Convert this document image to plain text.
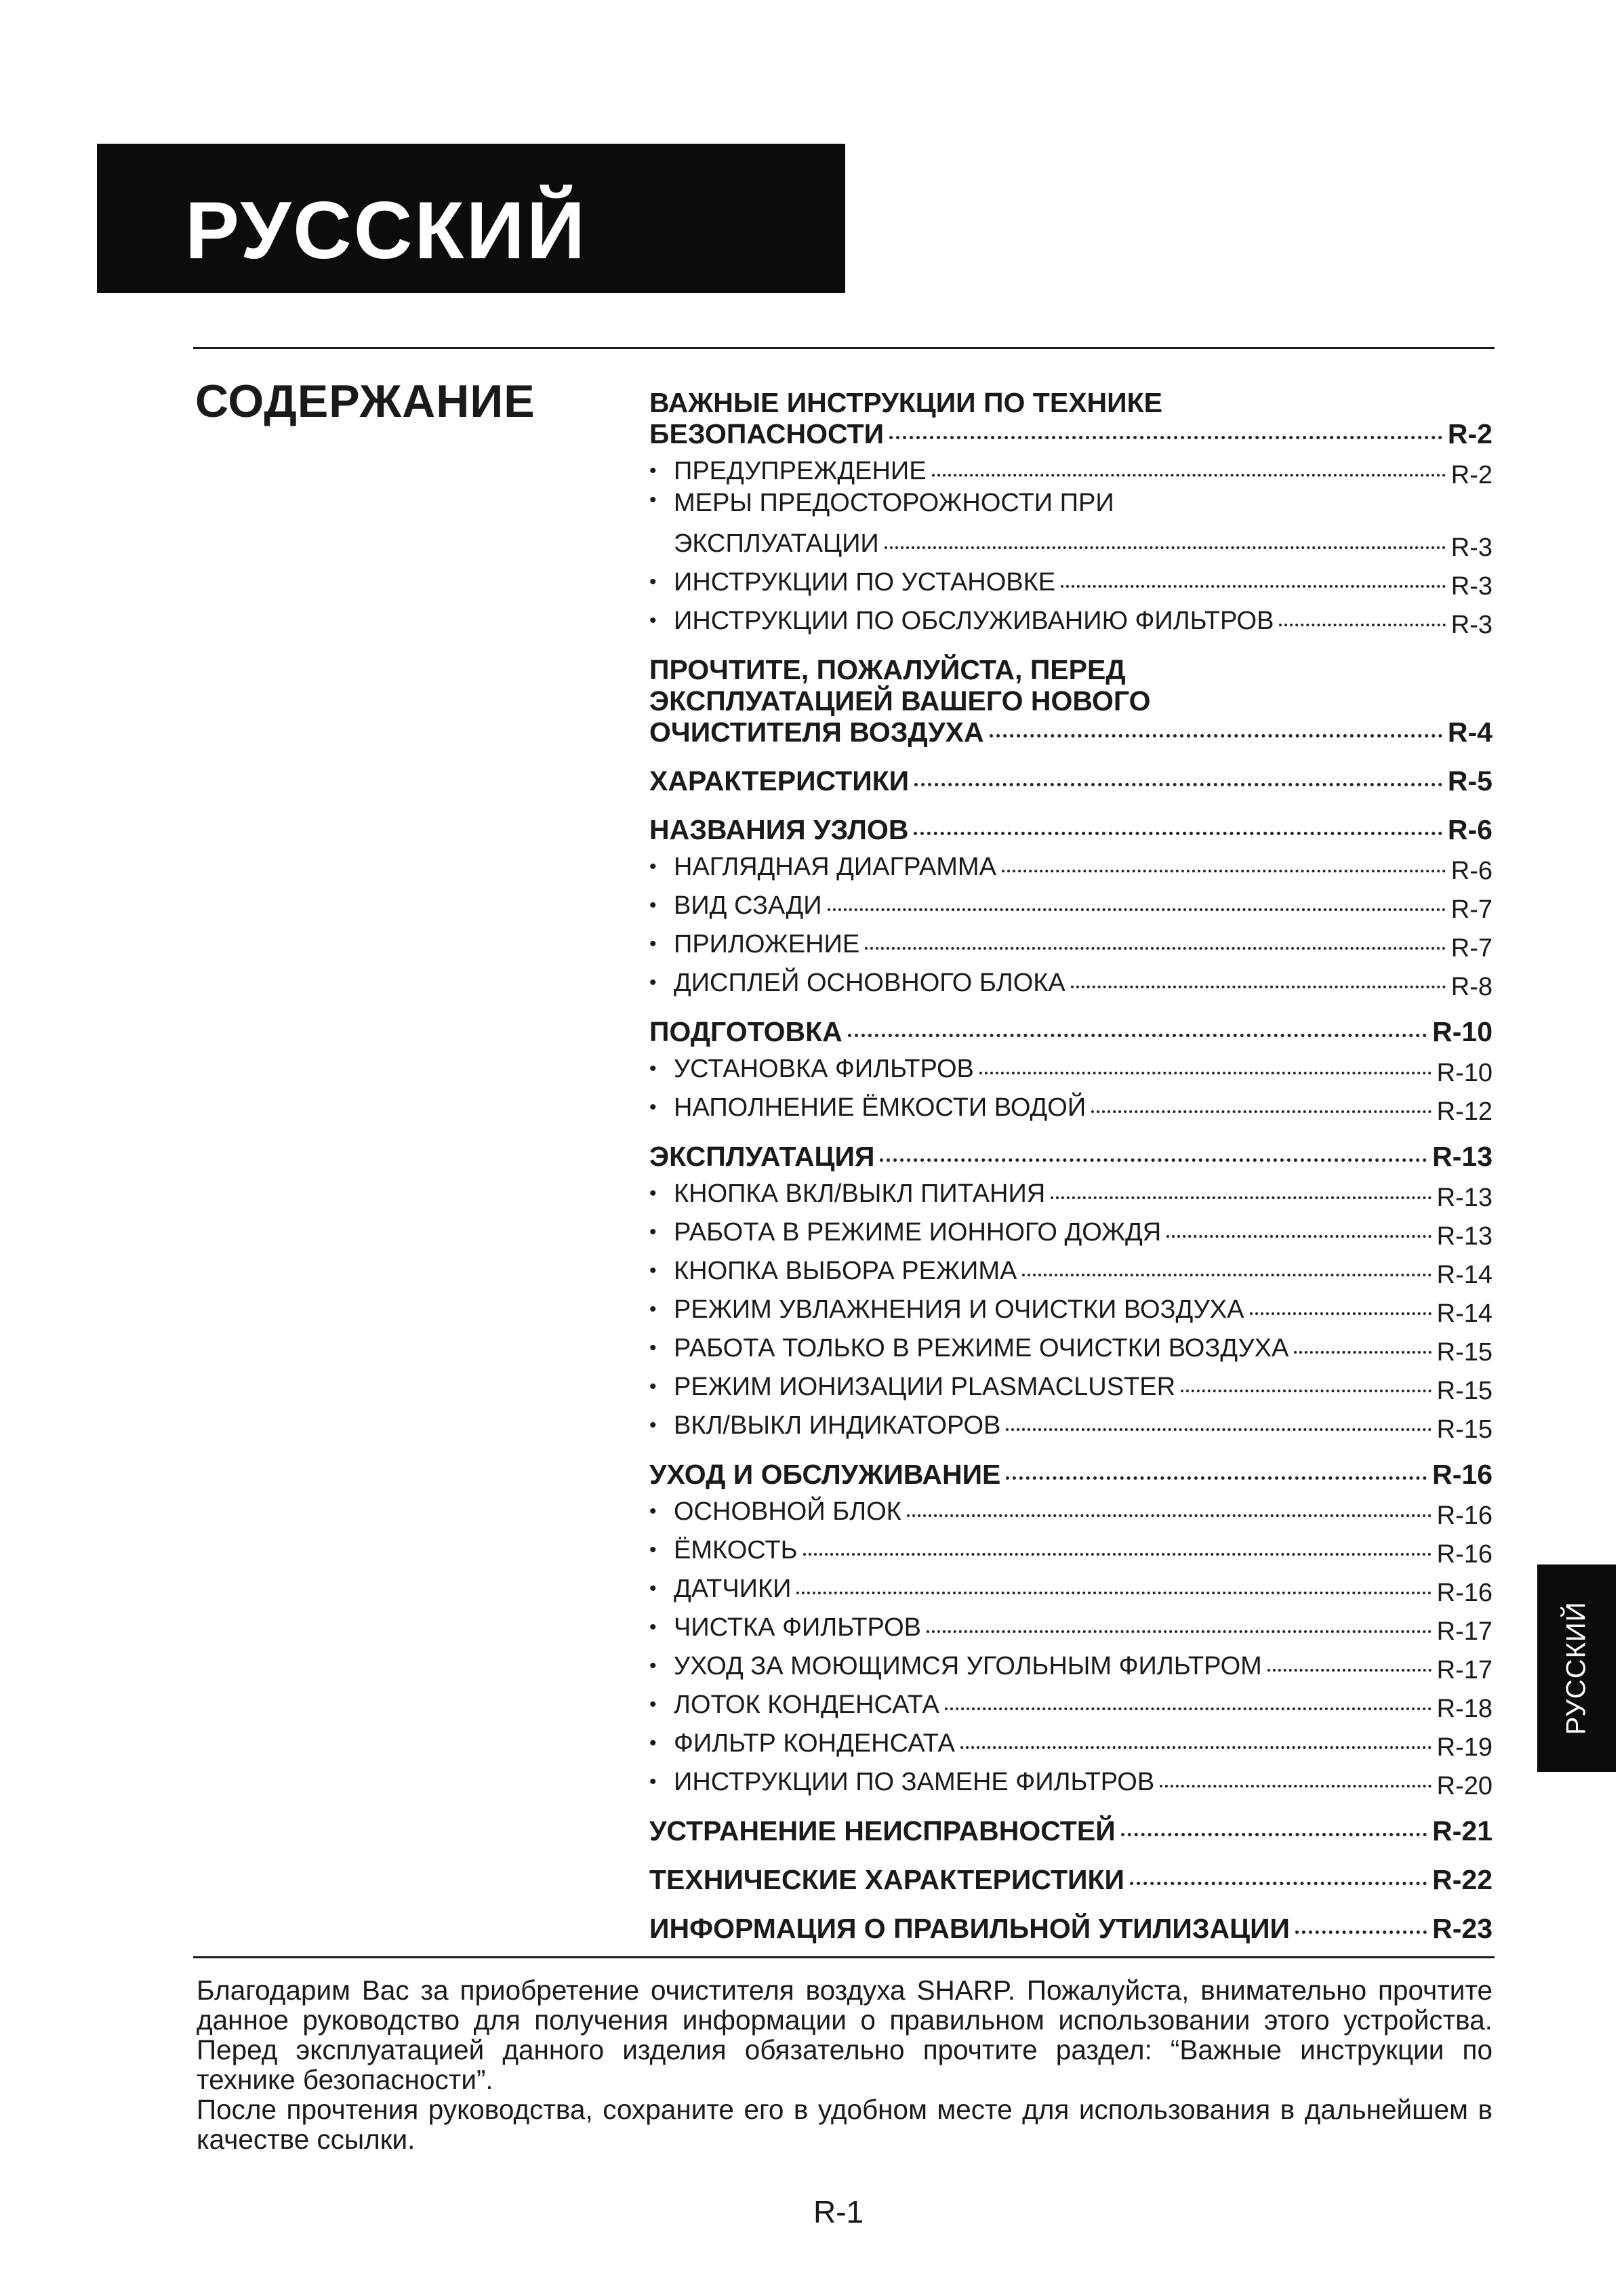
РУССКИЙ
СОДЕРЖАНИЕ	ВАЖНЫЕ ИНСТРУКЦИИ ПО ТЕХНИКЕ
БЕЗОПАСНОСТИ	R-2
• ПРЕДУПРЕЖДЕНИЕ	R-2
• МЕРЫ ПРЕДОСТОРОЖНОСТИ ПРИ
ЭКСПЛУАТАЦИИ	R-3
• ИНСТРУКЦИИ ПО УСТАНОВКЕ	R-3
• ИНСТРУКЦИИ ПО ОБСЛУЖИВАНИЮ ФИЛЬТРОВ	R-3
ПРОЧТИТЕ, ПОЖАЛУЙСТА, ПЕРЕД
ЭКСПЛУАТАЦИЕЙ ВАШЕГО НОВОГО
ОЧИСТИТЕЛЯ ВОЗДУХА	R-4
ХАРАКТЕРИСТИКИ	R-5
НАЗВАНИЯ УЗЛОВ	R-6
• НАГЛЯДНАЯ ДИАГРАММА	R-6
• ВИД СЗАДИ	R-7
• ПРИЛОЖЕНИЕ	R-7
• ДИСПЛЕЙ ОСНОВНОГО БЛОКА	R-8
ПОДГОТОВКА	R-10
• УСТАНОВКА ФИЛЬТРОВ	R-10
• НАПОЛНЕНИЕ ЁМКОСТИ ВОДОЙ	R-12
ЭКСПЛУАТАЦИЯ	R-13
• КНОПКА ВКЛ/ВЫКЛ ПИТАНИЯ	R-13
• РАБОТА В РЕЖИМЕ ИОННОГО ДОЖДЯ	R-13
• КНОПКА ВЫБОРА РЕЖИМА	R-14
• РЕЖИМ УВЛАЖНЕНИЯ И ОЧИСТКИ ВОЗДУХА	R-14
• РАБОТА ТОЛЬКО В РЕЖИМЕ ОЧИСТКИ ВОЗДУХА	R-15
• РЕЖИМ ИОНИЗАЦИИ PLASMACLUSTER	R-15
• ВКЛ/ВЫКЛ ИНДИКАТОРОВ	R-15
УХОД И ОБСЛУЖИВАНИЕ	R-16
• ОСНОВНОЙ БЛОК	R-16
• ЁМКОСТЬ	R-16
• ДАТЧИКИ	R-16
• ЧИСТКА ФИЛЬТРОВ	R-17
• УХОД ЗА МОЮЩИМСЯ УГОЛЬНЫМ ФИЛЬТРОМ	R-17
• ЛОТОК КОНДЕНСАТА	R-18
• ФИЛЬТР КОНДЕНСАТА	R-19
• ИНСТРУКЦИИ ПО ЗАМЕНЕ ФИЛЬТРОВ	R-20
УСТРАНЕНИЕ НЕИСПРАВНОСТЕЙ	R-21
ТЕХНИЧЕСКИЕ ХАРАКТЕРИСТИКИ	R-22
ИНФОРМАЦИЯ О ПРАВИЛЬНОЙ УТИЛИЗАЦИИ	R-23

Благодарим Вас за приобретение очистителя воздуха SHARP. Пожалуйста, внимательно прочтите данное руководство для получения информации о правильном использовании этого устройства. Перед эксплуатацией данного изделия обязательно прочтите раздел: “Важные инструкции по технике безопасности”.

После прочтения руководства, сохраните его в удобном месте для использования в дальнейшем в качестве ссылки.

R-1
РУССКИЙ
